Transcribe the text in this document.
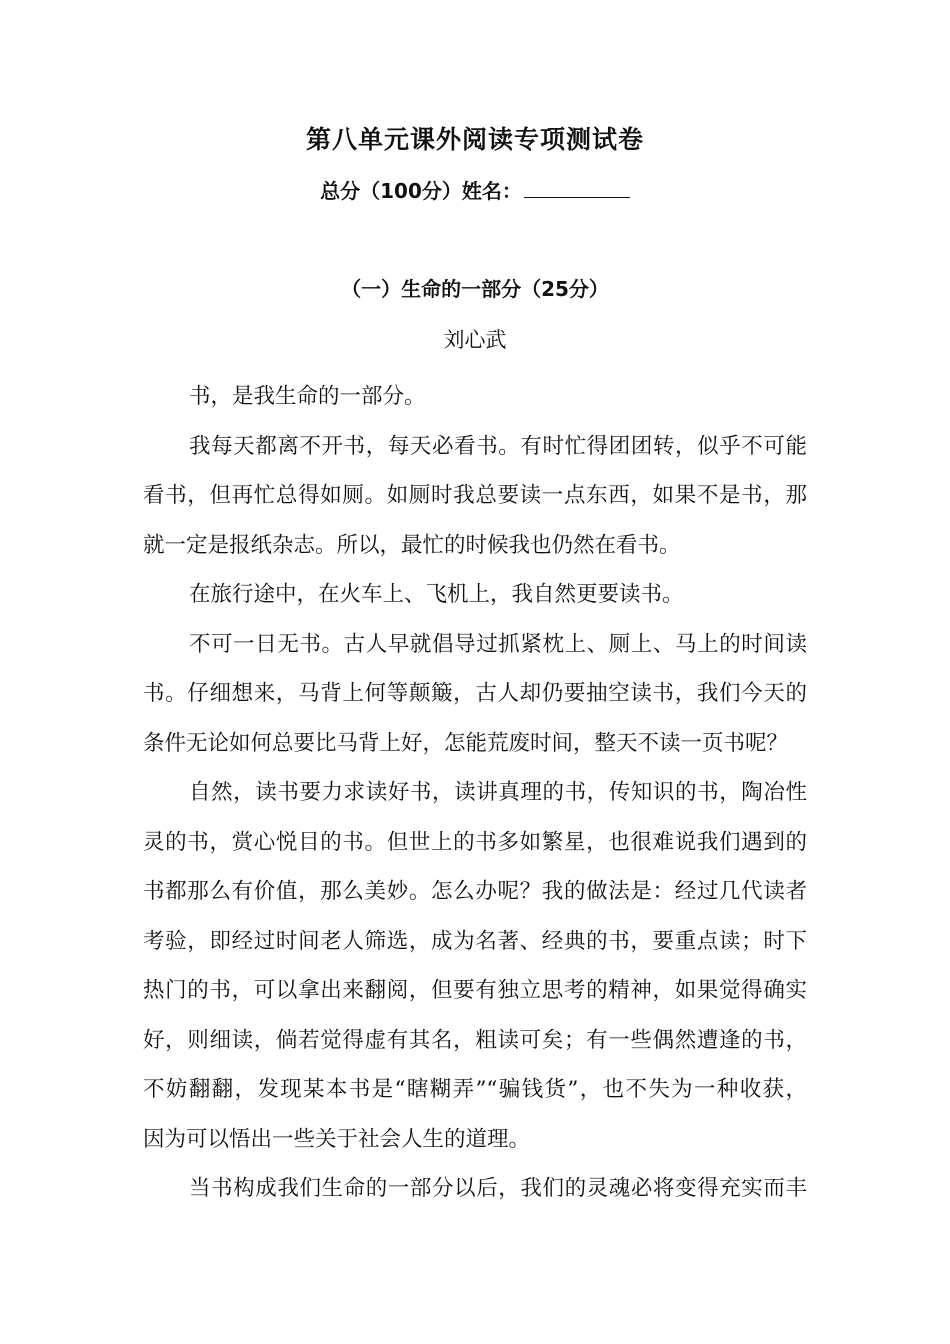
第八单元课外阅读专项测试卷
总分（100分）姓名：
（一）生命的一部分（25分）
刘心武
书，是我生命的一部分。
我每天都离不开书，每天必看书。有时忙得团团转，似乎不可能
看书，但再忙总得如厕。如厕时我总要读一点东西，如果不是书，那
就一定是报纸杂志。所以，最忙的时候我也仍然在看书。
在旅行途中，在火车上、飞机上，我自然更要读书。
不可一日无书。古人早就倡导过抓紧枕上、厕上、马上的时间读
书。仔细想来，马背上何等颠簸，古人却仍要抽空读书，我们今天的
条件无论如何总要比马背上好，怎能荒废时间，整天不读一页书呢？
自然，读书要力求读好书，读讲真理的书，传知识的书，陶冶性
灵的书，赏心悦目的书。但世上的书多如繁星，也很难说我们遇到的
书都那么有价值，那么美妙。怎么办呢？我的做法是：经过几代读者
考验，即经过时间老人筛选，成为名著、经典的书，要重点读；时下
热门的书，可以拿出来翻阅，但要有独立思考的精神，如果觉得确实
好，则细读，倘若觉得虚有其名，粗读可矣；有一些偶然遭逢的书，
不妨翻翻，发现某本书是“瞎糊弄”“骗钱货”，也不失为一种收获，
因为可以悟出一些关于社会人生的道理。
当书构成我们生命的一部分以后，我们的灵魂必将变得充实而丰
